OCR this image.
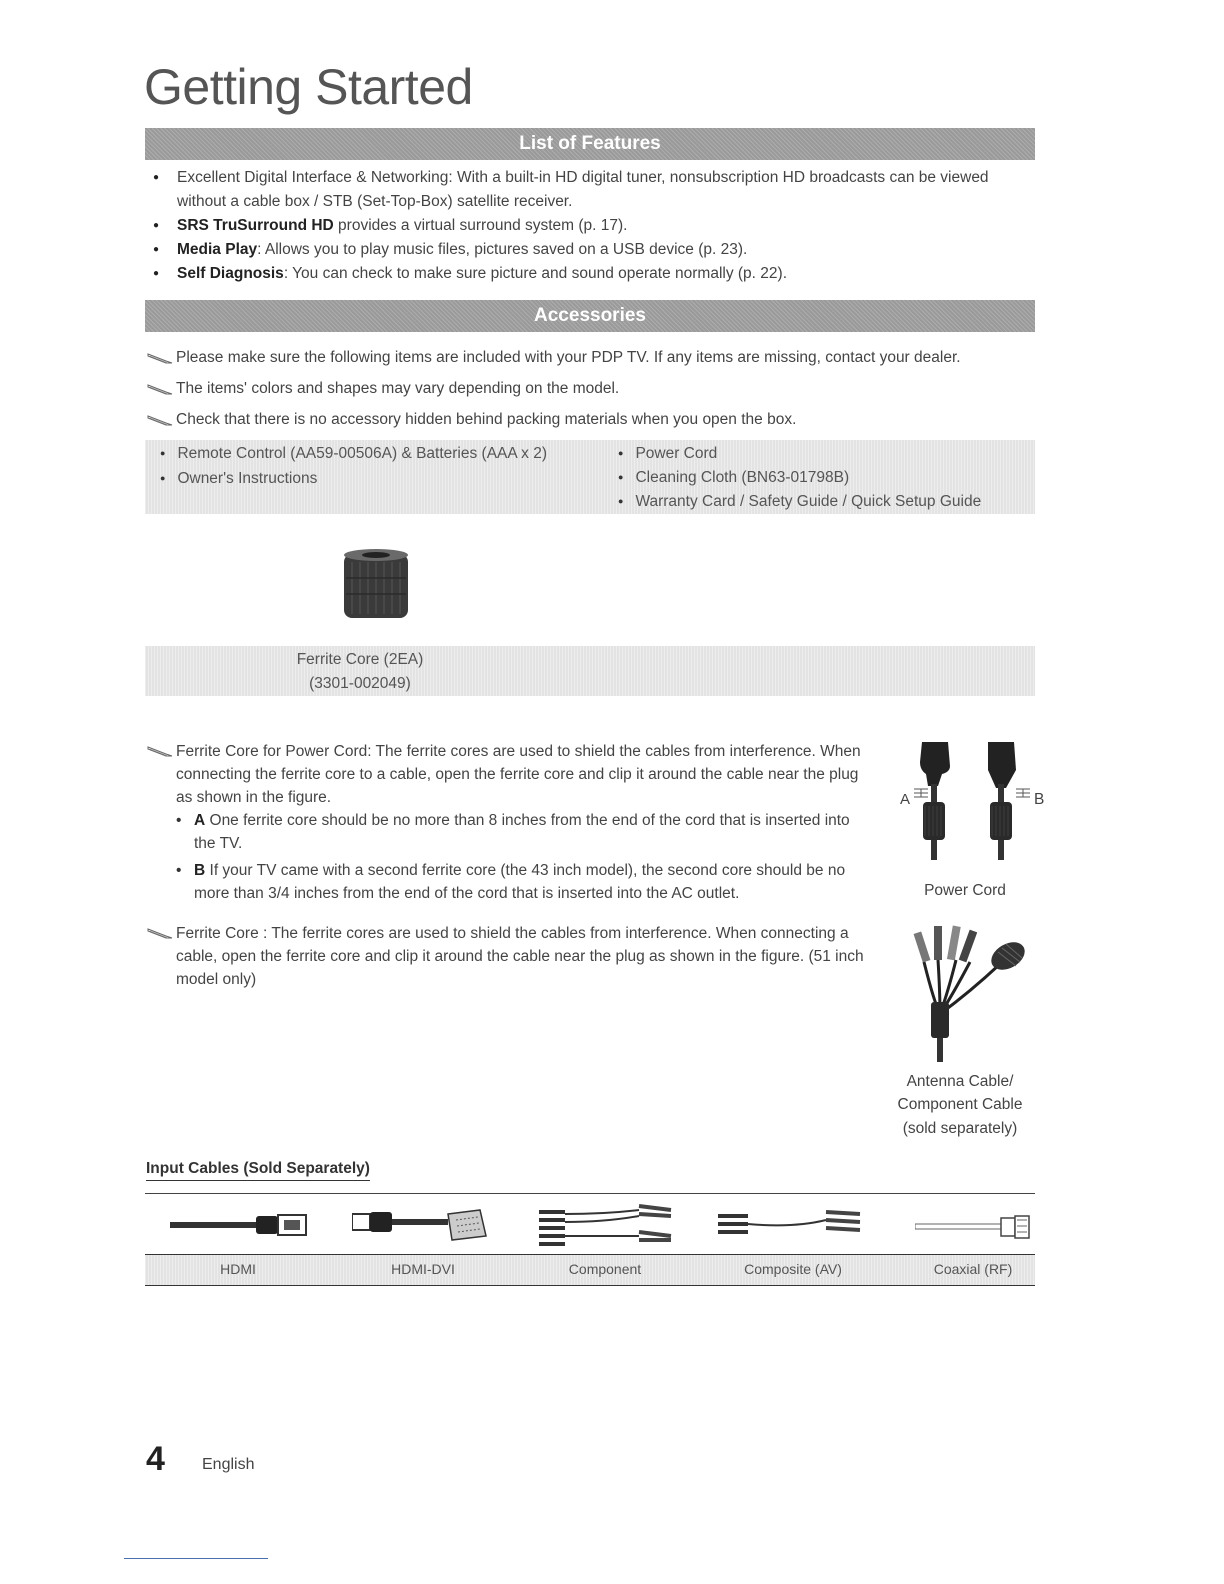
Getting Started
List of Features
● Excellent Digital Interface & Networking: With a built-in HD digital tuner, nonsubscription HD broadcasts can be viewed without a cable box / STB (Set-Top-Box) satellite receiver.
● SRS TruSurround HD provides a virtual surround system (p. 17).
● Media Play: Allows you to play music files, pictures saved on a USB device (p. 23).
● Self Diagnosis: You can check to make sure picture and sound operate normally (p. 22).
Accessories
Please make sure the following items are included with your PDP TV. If any items are missing, contact your dealer.
The items' colors and shapes may vary depending on the model.
Check that there is no accessory hidden behind packing materials when you open the box.
● Remote Control (AA59-00506A) & Batteries (AAA x 2)
● Owner's Instructions
● Power Cord
● Cleaning Cloth (BN63-01798B)
● Warranty Card / Safety Guide / Quick Setup Guide
Ferrite Core (2EA)
(3301-002049)
Ferrite Core for Power Cord: The ferrite cores are used to shield the cables from interference. When connecting the ferrite core to a cable, open the ferrite core and clip it around the cable near the plug as shown in the figure.
• A One ferrite core should be no more than 8 inches from the end of the cord that is inserted into the TV.
• B If your TV came with a second ferrite core (the 43 inch model), the second core should be no more than 3/4 inches from the end of the cord that is inserted into the AC outlet.
A	B
Power Cord
Ferrite Core : The ferrite cores are used to shield the cables from interference. When connecting a cable, open the ferrite core and clip it around the cable near the plug as shown in the figure. (51 inch model only)
Antenna Cable/
Component Cable
(sold separately)
Input Cables (Sold Separately)
HDMI	HDMI-DVI	Component	Composite (AV)	Coaxial (RF)
4 English
